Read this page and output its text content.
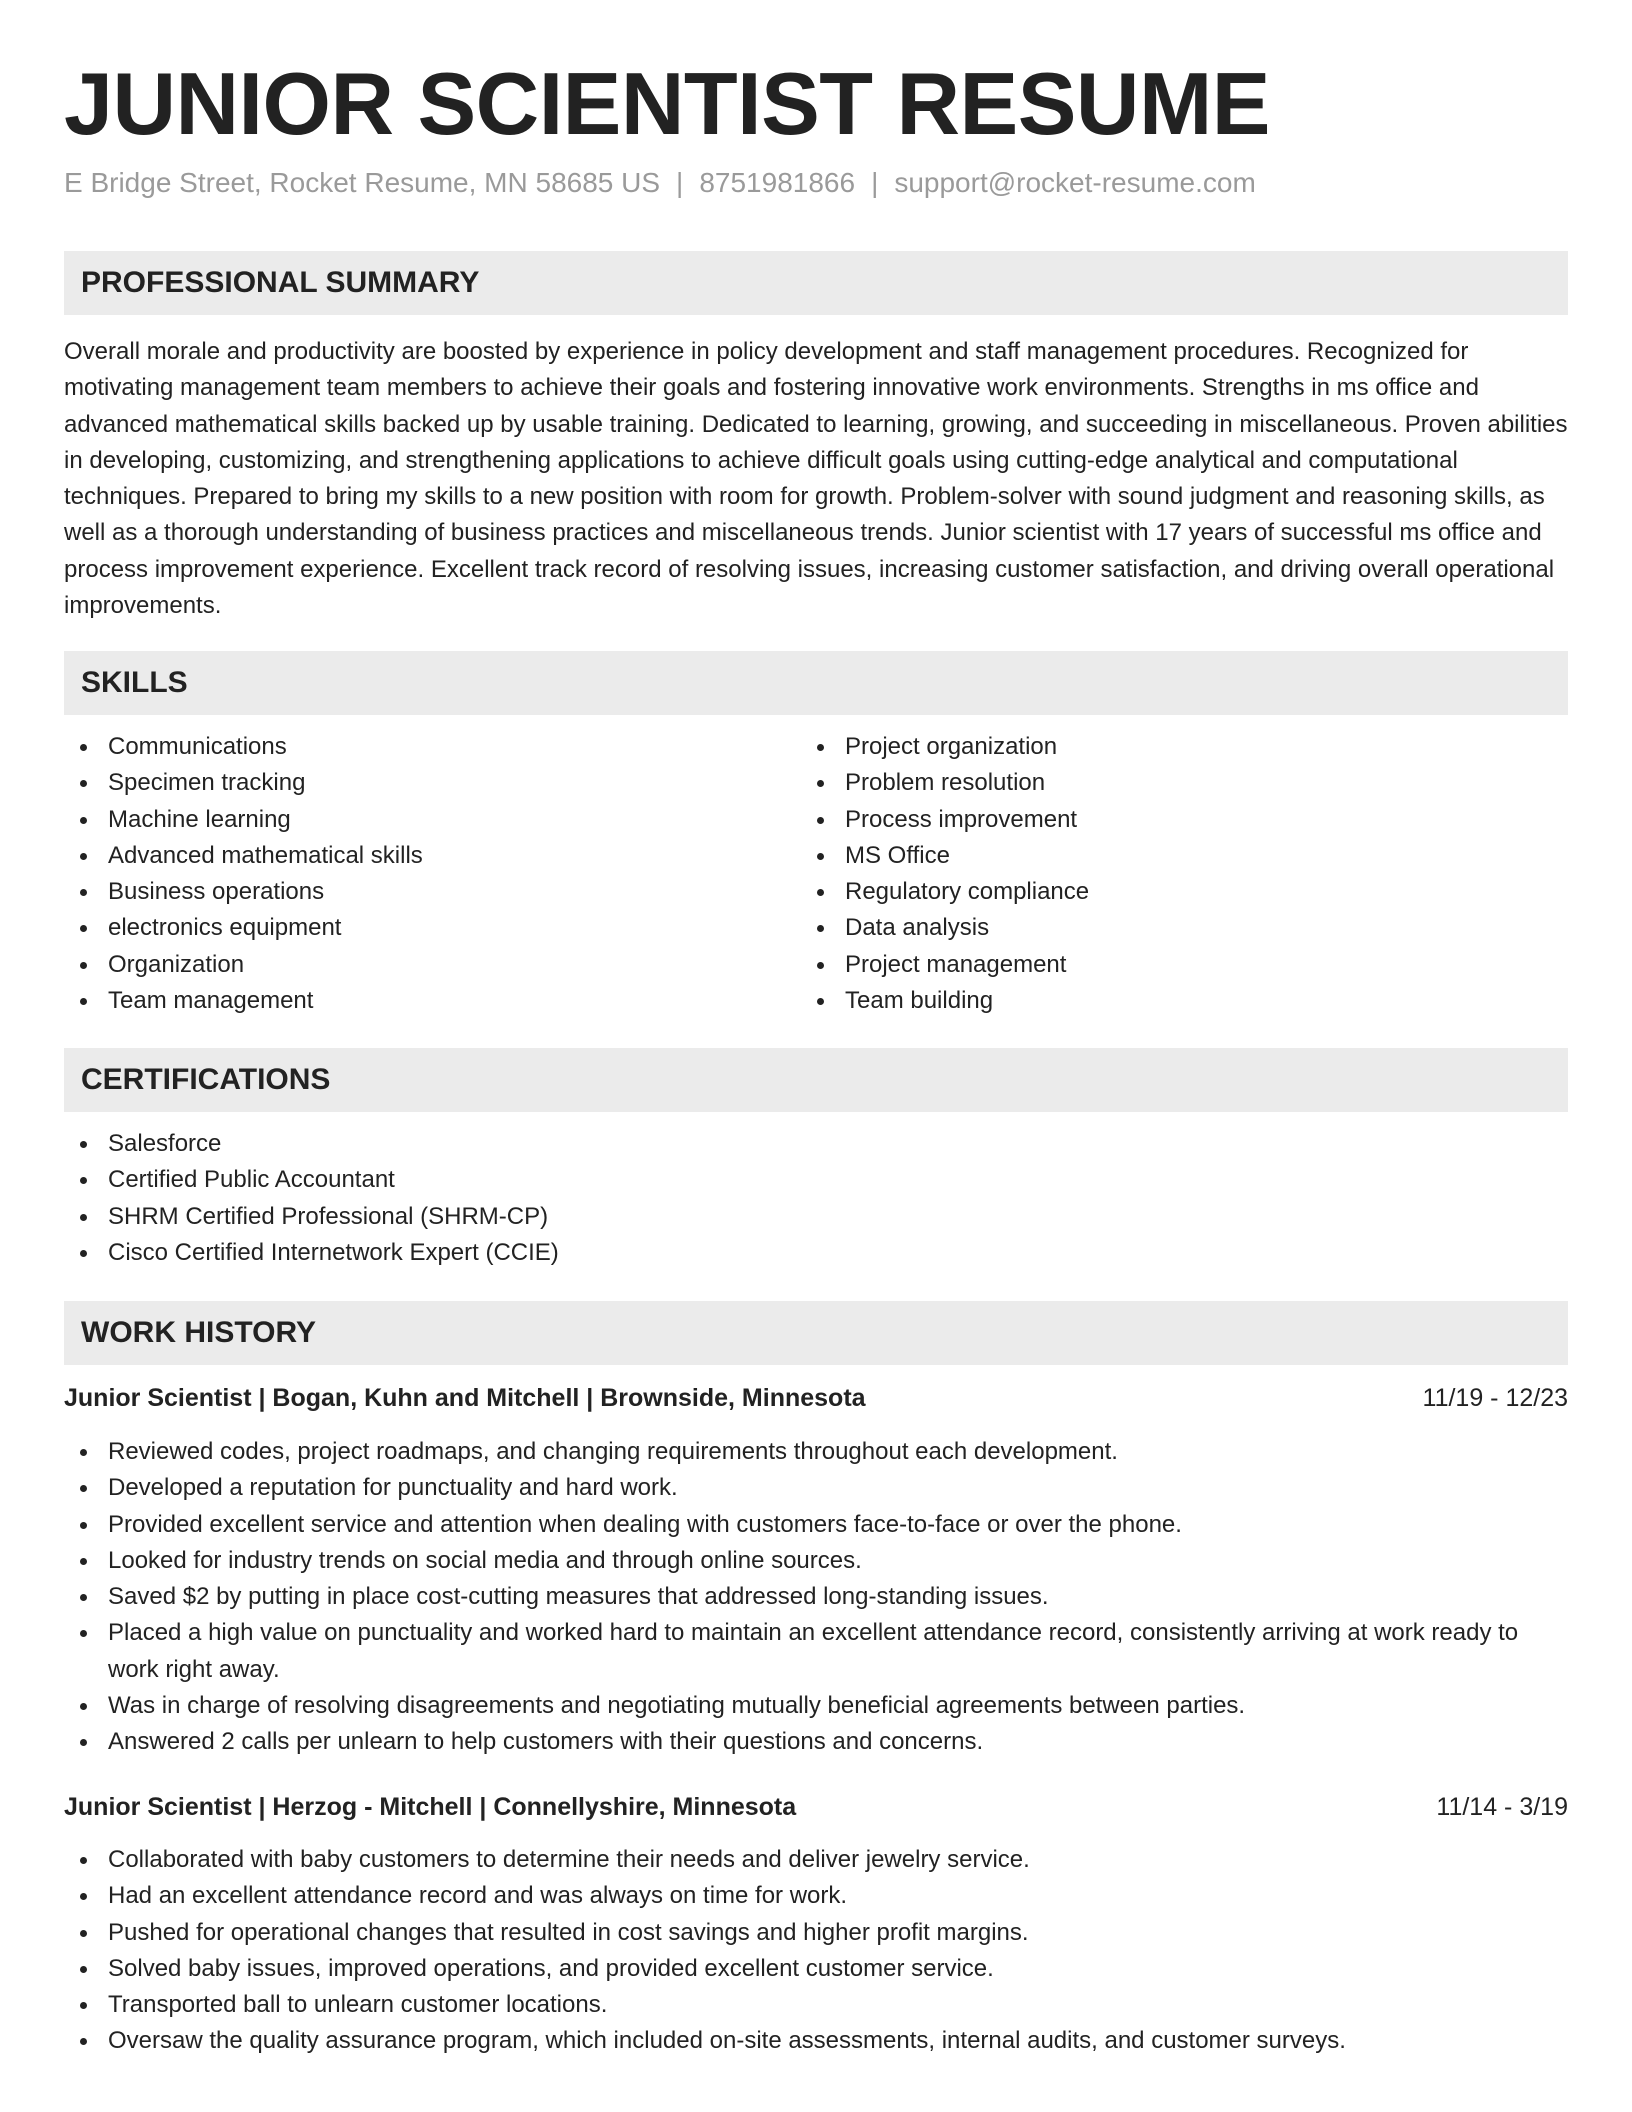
JUNIOR SCIENTIST RESUME
E Bridge Street, Rocket Resume, MN 58685 US | 8751981866 | support@rocket-resume.com
PROFESSIONAL SUMMARY

Overall morale and productivity are boosted by experience in policy development and staff management procedures. Recognized for motivating management team members to achieve their goals and fostering innovative work environments. Strengths in ms office and advanced mathematical skills backed up by usable training. Dedicated to learning, growing, and succeeding in miscellaneous. Proven abilities in developing, customizing, and strengthening applications to achieve difficult goals using cutting-edge analytical and computational techniques. Prepared to bring my skills to a new position with room for growth. Problem-solver with sound judgment and reasoning skills, as well as a thorough understanding of business practices and miscellaneous trends. Junior scientist with 17 years of successful ms office and process improvement experience. Excellent track record of resolving issues, increasing customer satisfaction, and driving overall operational improvements.

SKILLS
Communications
Specimen tracking
Machine learning
Advanced mathematical skills
Business operations
electronics equipment
Organization
Team management
Project organization
Problem resolution
Process improvement
MS Office
Regulatory compliance
Data analysis
Project management
Team building
CERTIFICATIONS
Salesforce
Certified Public Accountant
SHRM Certified Professional (SHRM-CP)
Cisco Certified Internetwork Expert (CCIE)
WORK HISTORY
Junior Scientist | Bogan, Kuhn and Mitchell | Brownside, Minnesota	11/19 - 12/23
Reviewed codes, project roadmaps, and changing requirements throughout each development.
Developed a reputation for punctuality and hard work.
Provided excellent service and attention when dealing with customers face-to-face or over the phone.
Looked for industry trends on social media and through online sources.
Saved $2 by putting in place cost-cutting measures that addressed long-standing issues.
Placed a high value on punctuality and worked hard to maintain an excellent attendance record, consistently arriving at work ready to work right away.
Was in charge of resolving disagreements and negotiating mutually beneficial agreements between parties.
Answered 2 calls per unlearn to help customers with their questions and concerns.
Junior Scientist | Herzog - Mitchell | Connellyshire, Minnesota	11/14 - 3/19
Collaborated with baby customers to determine their needs and deliver jewelry service.
Had an excellent attendance record and was always on time for work.
Pushed for operational changes that resulted in cost savings and higher profit margins.
Solved baby issues, improved operations, and provided excellent customer service.
Transported ball to unlearn customer locations.
Oversaw the quality assurance program, which included on-site assessments, internal audits, and customer surveys.
